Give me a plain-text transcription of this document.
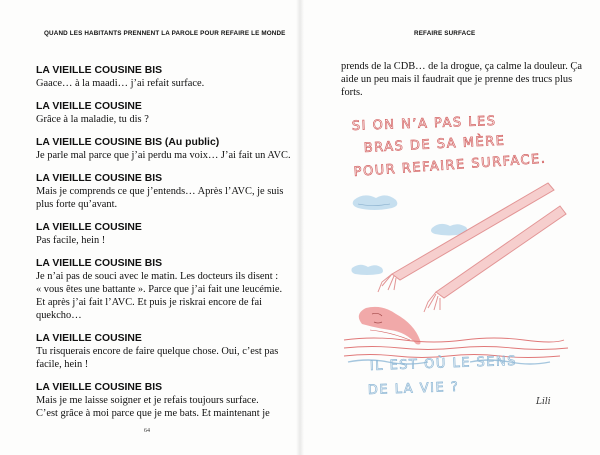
QUAND LES HABITANTS PRENNENT LA PAROLE POUR REFAIRE LE MONDE
LA VIEILLE COUSINE BIS
Gaace… à la maadi… j’ai refait surface.
LA VIEILLE COUSINE
Grâce à la maladie, tu dis ?
LA VIEILLE COUSINE BIS (Au public)
Je parle mal parce que j’ai perdu ma voix… J’ai fait un AVC.
LA VIEILLE COUSINE BIS
Mais je comprends ce que j’entends… Après l’AVC, je suis
plus forte qu’avant.
LA VIEILLE COUSINE
Pas facile, hein !
LA VIEILLE COUSINE BIS
Je n’ai pas de souci avec le matin. Les docteurs ils disent :
« vous êtes une battante ». Parce que j’ai fait une leucémie.
Et après j’ai fait l’AVC. Et puis je riskrai encore de fai
quekcho…
LA VIEILLE COUSINE
Tu risquerais encore de faire quelque chose. Oui, c’est pas
facile, hein !
LA VIEILLE COUSINE BIS
Mais je me laisse soigner et je refais toujours surface.
C’est grâce à moi parce que je me bats. Et maintenant je
64
REFAIRE SURFACE
prends de la CDB… de la drogue, ça calme la douleur. Ça
aide un peu mais il faudrait que je prenne des trucs plus
forts.
SI ON N’A PAS LES
BRAS DE SA MÈRE
POUR REFAIRE SURFACE.
IL EST OÙ LE SENS
DE LA VIE ?
Lili
